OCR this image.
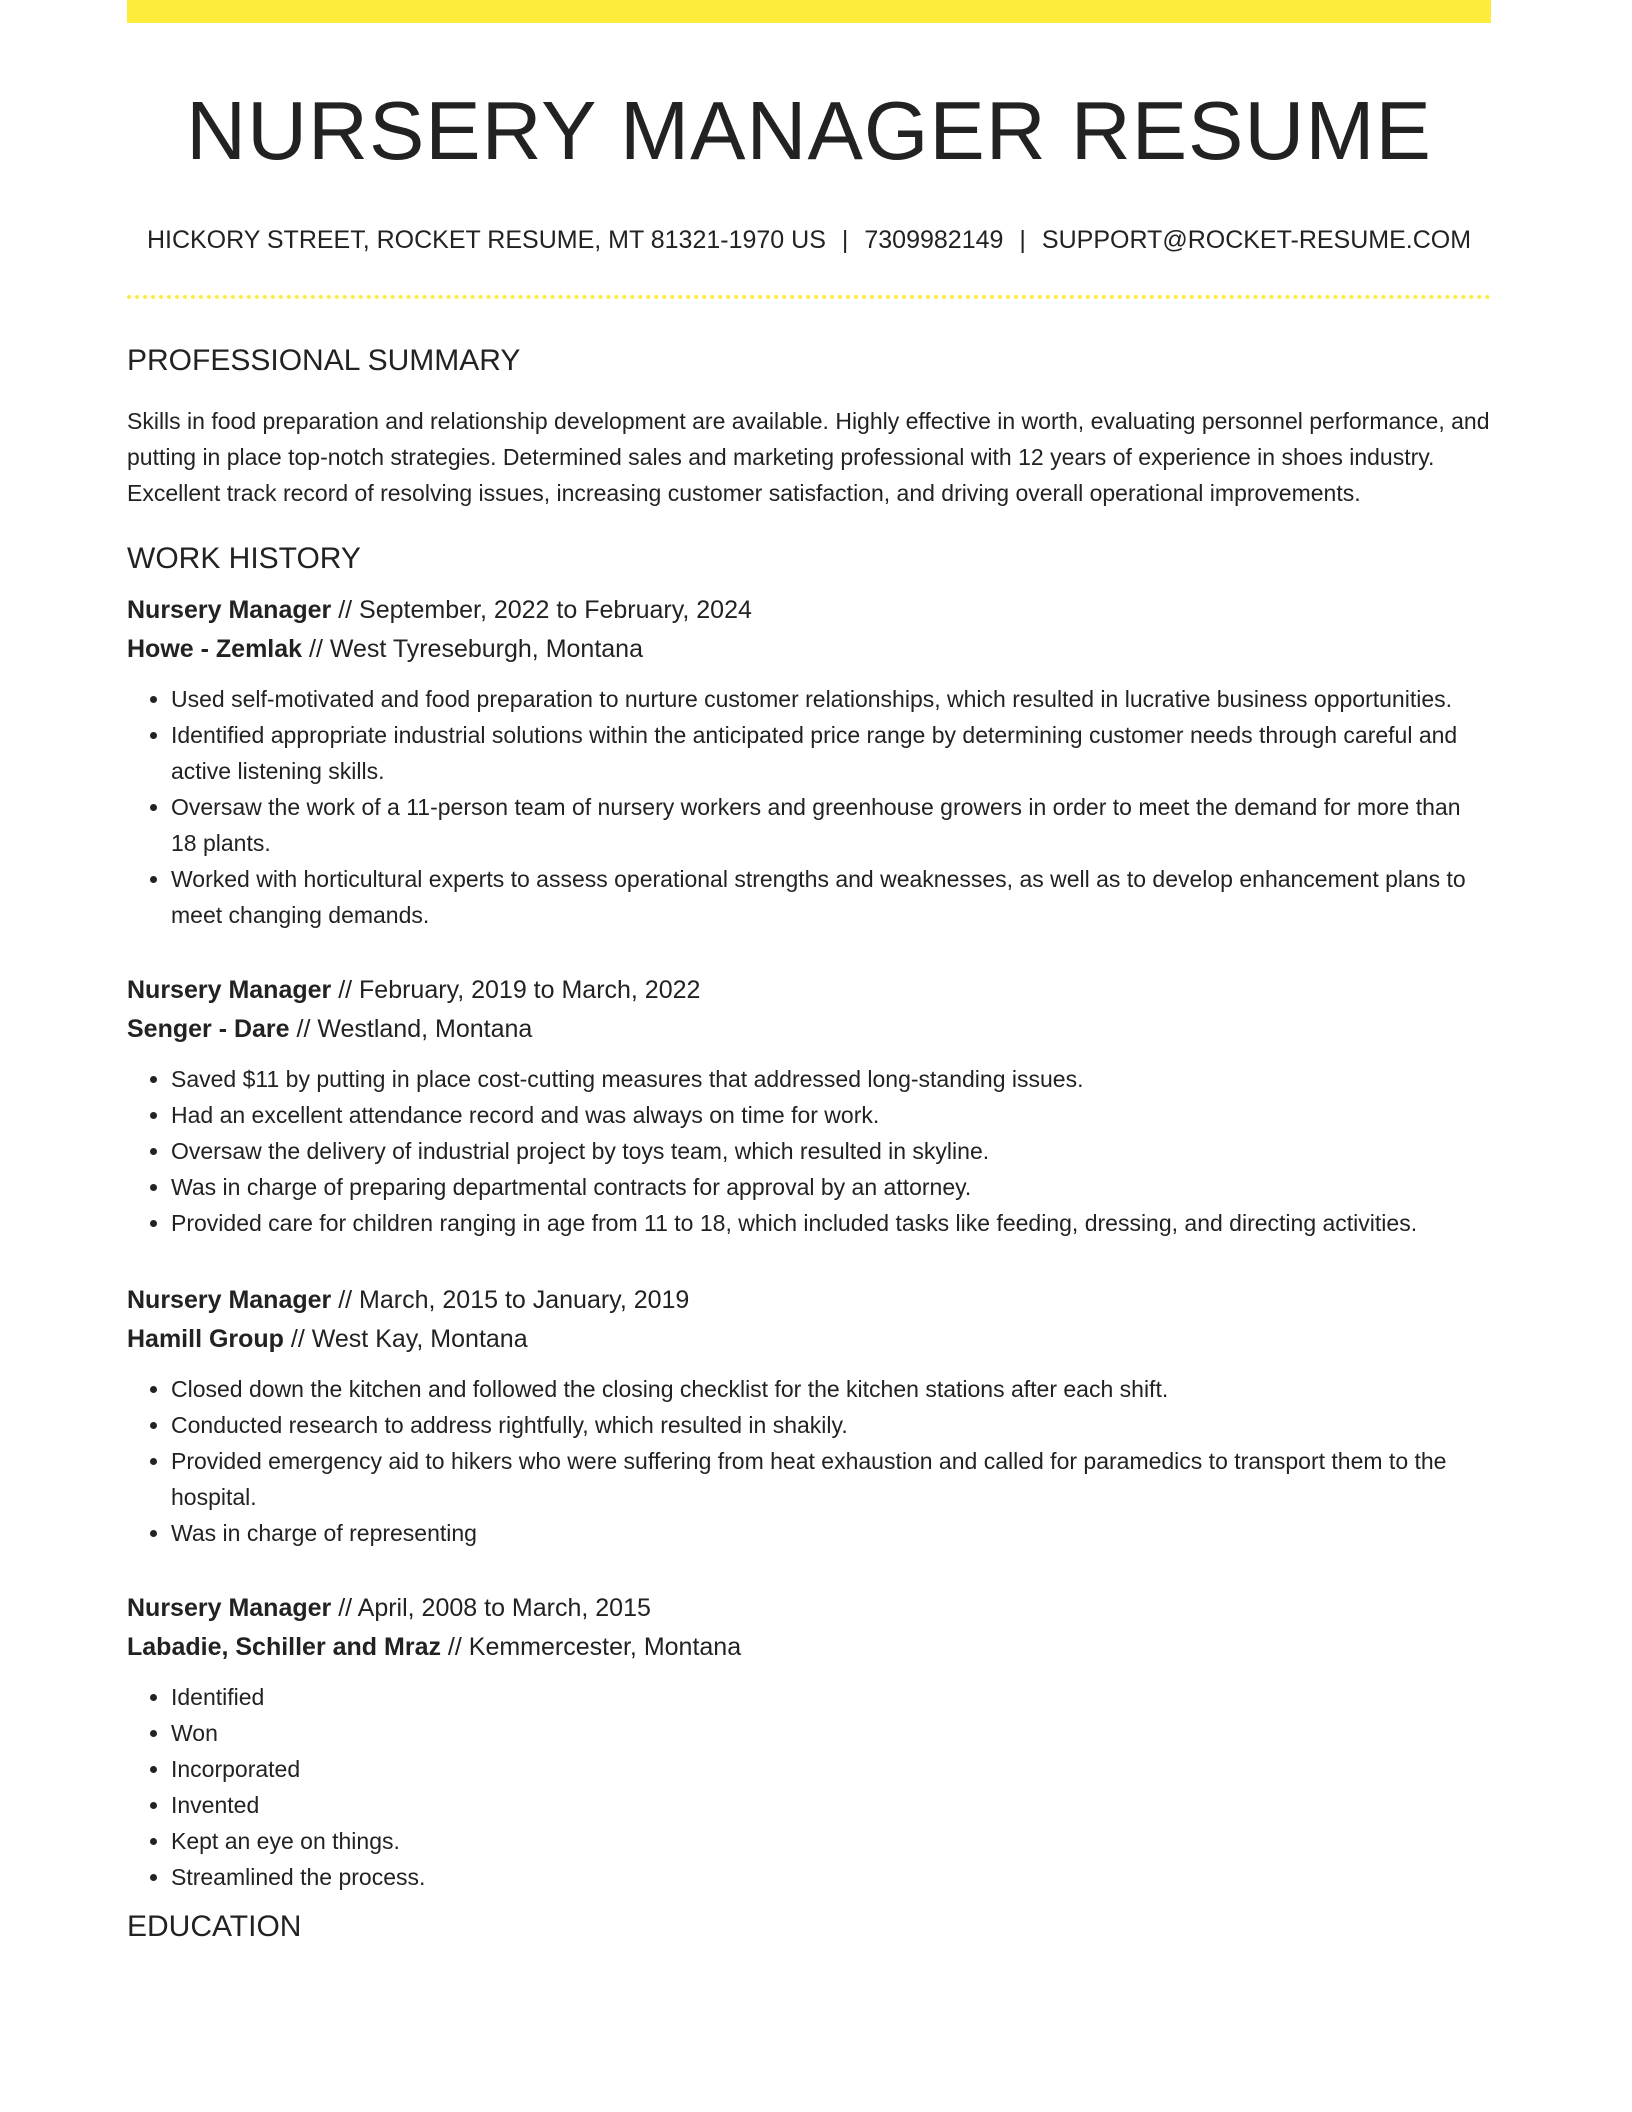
NURSERY MANAGER RESUME
HICKORY STREET, ROCKET RESUME, MT 81321-1970 US | 7309982149 | SUPPORT@ROCKET-RESUME.COM
PROFESSIONAL SUMMARY
Skills in food preparation and relationship development are available. Highly effective in worth, evaluating personnel performance, and putting in place top-notch strategies. Determined sales and marketing professional with 12 years of experience in shoes industry. Excellent track record of resolving issues, increasing customer satisfaction, and driving overall operational improvements.
WORK HISTORY
Nursery Manager // September, 2022 to February, 2024
Howe - Zemlak // West Tyreseburgh, Montana
• Used self-motivated and food preparation to nurture customer relationships, which resulted in lucrative business opportunities.
• Identified appropriate industrial solutions within the anticipated price range by determining customer needs through careful and active listening skills.
• Oversaw the work of a 11-person team of nursery workers and greenhouse growers in order to meet the demand for more than 18 plants.
• Worked with horticultural experts to assess operational strengths and weaknesses, as well as to develop enhancement plans to meet changing demands.
Nursery Manager // February, 2019 to March, 2022
Senger - Dare // Westland, Montana
• Saved $11 by putting in place cost-cutting measures that addressed long-standing issues.
• Had an excellent attendance record and was always on time for work.
• Oversaw the delivery of industrial project by toys team, which resulted in skyline.
• Was in charge of preparing departmental contracts for approval by an attorney.
• Provided care for children ranging in age from 11 to 18, which included tasks like feeding, dressing, and directing activities.
Nursery Manager // March, 2015 to January, 2019
Hamill Group // West Kay, Montana
• Closed down the kitchen and followed the closing checklist for the kitchen stations after each shift.
• Conducted research to address rightfully, which resulted in shakily.
• Provided emergency aid to hikers who were suffering from heat exhaustion and called for paramedics to transport them to the hospital.
• Was in charge of representing
Nursery Manager // April, 2008 to March, 2015
Labadie, Schiller and Mraz // Kemmercester, Montana
• Identified
• Won
• Incorporated
• Invented
• Kept an eye on things.
• Streamlined the process.
EDUCATION
